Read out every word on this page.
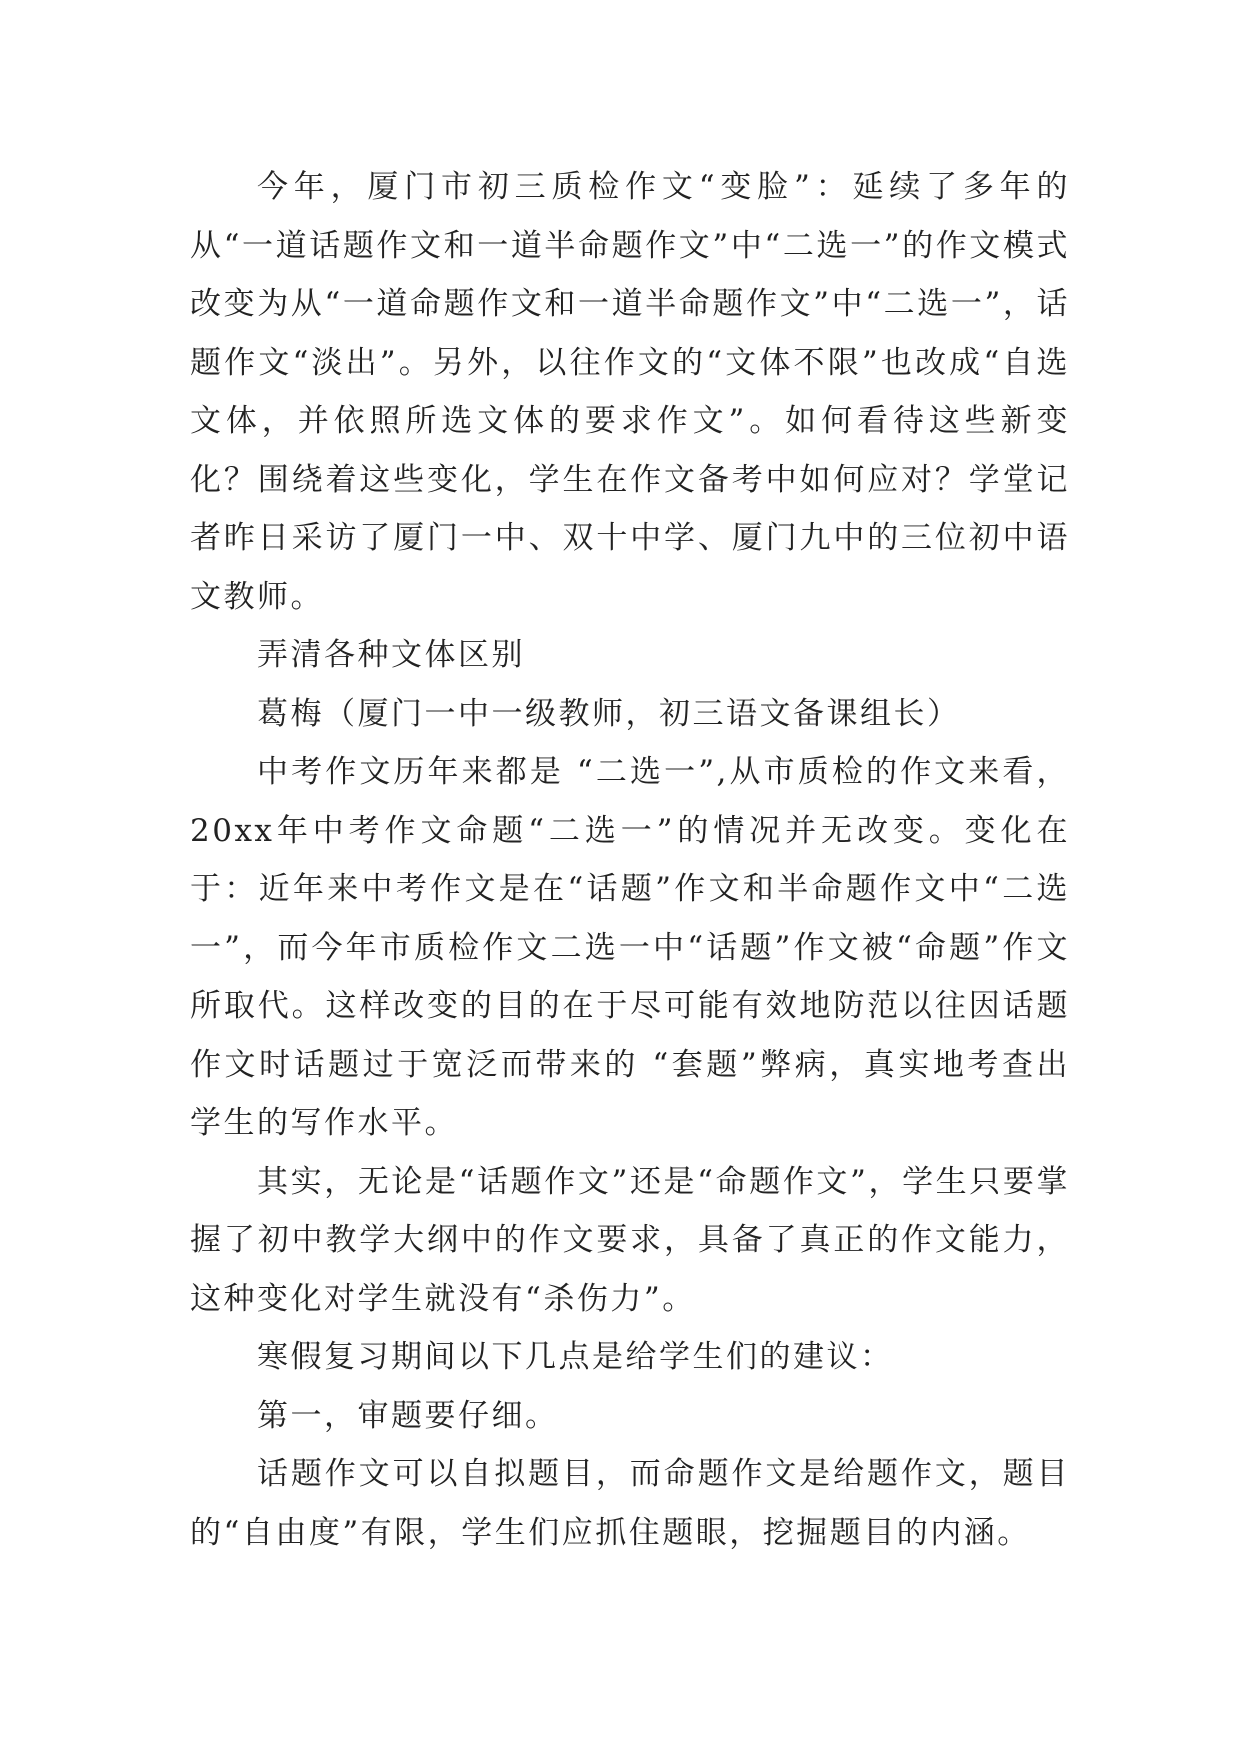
今年，厦门市初三质检作文“变脸”：延续了多年的从“一道话题作文和一道半命题作文”中“二选一”的作文模式改变为从“一道命题作文和一道半命题作文”中“二选一”，话题作文“淡出”。另外，以往作文的“文体不限”也改成“自选文体，并依照所选文体的要求作文”。如何看待这些新变化？围绕着这些变化，学生在作文备考中如何应对？学堂记者昨日采访了厦门一中、双十中学、厦门九中的三位初中语文教师。

弄清各种文体区别

葛梅（厦门一中一级教师，初三语文备课组长）

中考作文历年来都是 “二选一”,从市质检的作文来看，20xx年中考作文命题“二选一”的情况并无改变。变化在于：近年来中考作文是在“话题”作文和半命题作文中“二选一”，而今年市质检作文二选一中“话题”作文被“命题”作文所取代。这样改变的目的在于尽可能有效地防范以往因话题作文时话题过于宽泛而带来的 “套题”弊病，真实地考查出学生的写作水平。

其实，无论是“话题作文”还是“命题作文”，学生只要掌握了初中教学大纲中的作文要求，具备了真正的作文能力，这种变化对学生就没有“杀伤力”。

寒假复习期间以下几点是给学生们的建议：

第一，审题要仔细。

话题作文可以自拟题目，而命题作文是给题作文，题目的“自由度”有限，学生们应抓住题眼，挖掘题目的内涵。
